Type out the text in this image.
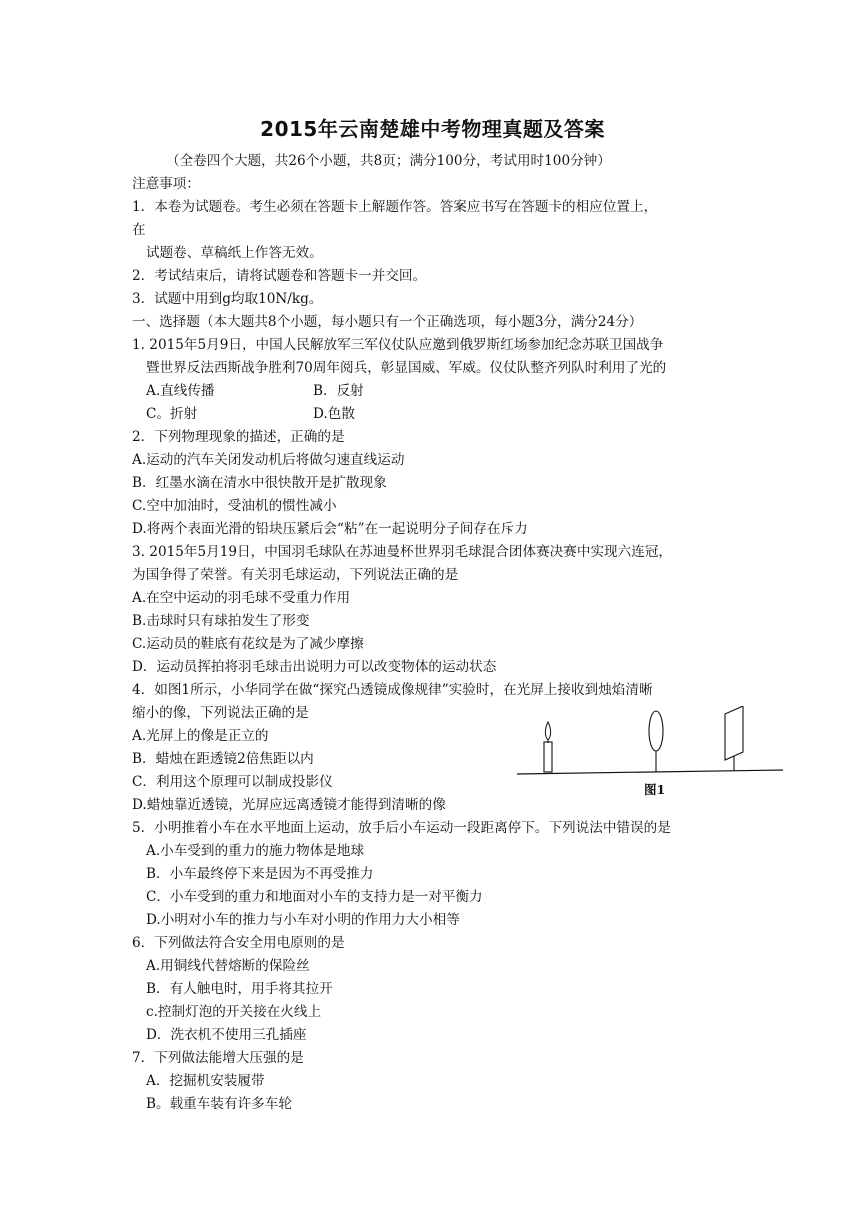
2015年云南楚雄中考物理真题及答案
（全卷四个大题，共26个小题，共8页；满分100分，考试用时100分钟）
注意事项：
1．本卷为试题卷。考生必须在答题卡上解题作答。答案应书写在答题卡的相应位置上，
在
试题卷、草稿纸上作答无效。
2．考试结束后，请将试题卷和答题卡一并交回。
3．试题中用到g均取10N/kg。
一、选择题（本大题共8个小题，每小题只有一个正确选项，每小题3分，满分24分）
1. 2015年5月9日，中国人民解放军三军仪仗队应邀到俄罗斯红场参加纪念苏联卫国战争
暨世界反法西斯战争胜利70周年阅兵，彰显国威、军威。仪仗队整齐列队时利用了光的
A.直线传播	B．反射
C。折射	D.色散
2．下列物理现象的描述，正确的是
A.运动的汽车关闭发动机后将做匀速直线运动
B．红墨水滴在清水中很快散开是扩散现象
C.空中加油时，受油机的惯性减小
D.将两个表面光滑的铅块压紧后会“粘”在一起说明分子间存在斥力
3. 2015年5月19日，中国羽毛球队在苏迪曼杯世界羽毛球混合团体赛决赛中实现六连冠，
为国争得了荣誉。有关羽毛球运动，下列说法正确的是
A.在空中运动的羽毛球不受重力作用
B.击球时只有球拍发生了形变
C.运动员的鞋底有花纹是为了减少摩擦
D．运动员挥拍将羽毛球击出说明力可以改变物体的运动状态
4．如图1所示，小华同学在做“探究凸透镜成像规律”实验时，在光屏上接收到烛焰清晰
缩小的像，下列说法正确的是
A.光屏上的像是正立的
B．蜡烛在距透镜2倍焦距以内
C．利用这个原理可以制成投影仪
D.蜡烛靠近透镜，光屏应远离透镜才能得到清晰的像
图1
5．小明推着小车在水平地面上运动，放手后小车运动一段距离停下。下列说法中错误的是
A.小车受到的重力的施力物体是地球
B．小车最终停下来是因为不再受推力
C．小车受到的重力和地面对小车的支持力是一对平衡力
D.小明对小车的推力与小车对小明的作用力大小相等
6．下列做法符合安全用电原则的是
A.用铜线代替熔断的保险丝
B．有人触电时，用手将其拉开
c.控制灯泡的开关接在火线上
D．洗衣机不使用三孔插座
7．下列做法能增大压强的是
A．挖掘机安装履带
B。载重车装有许多车轮
